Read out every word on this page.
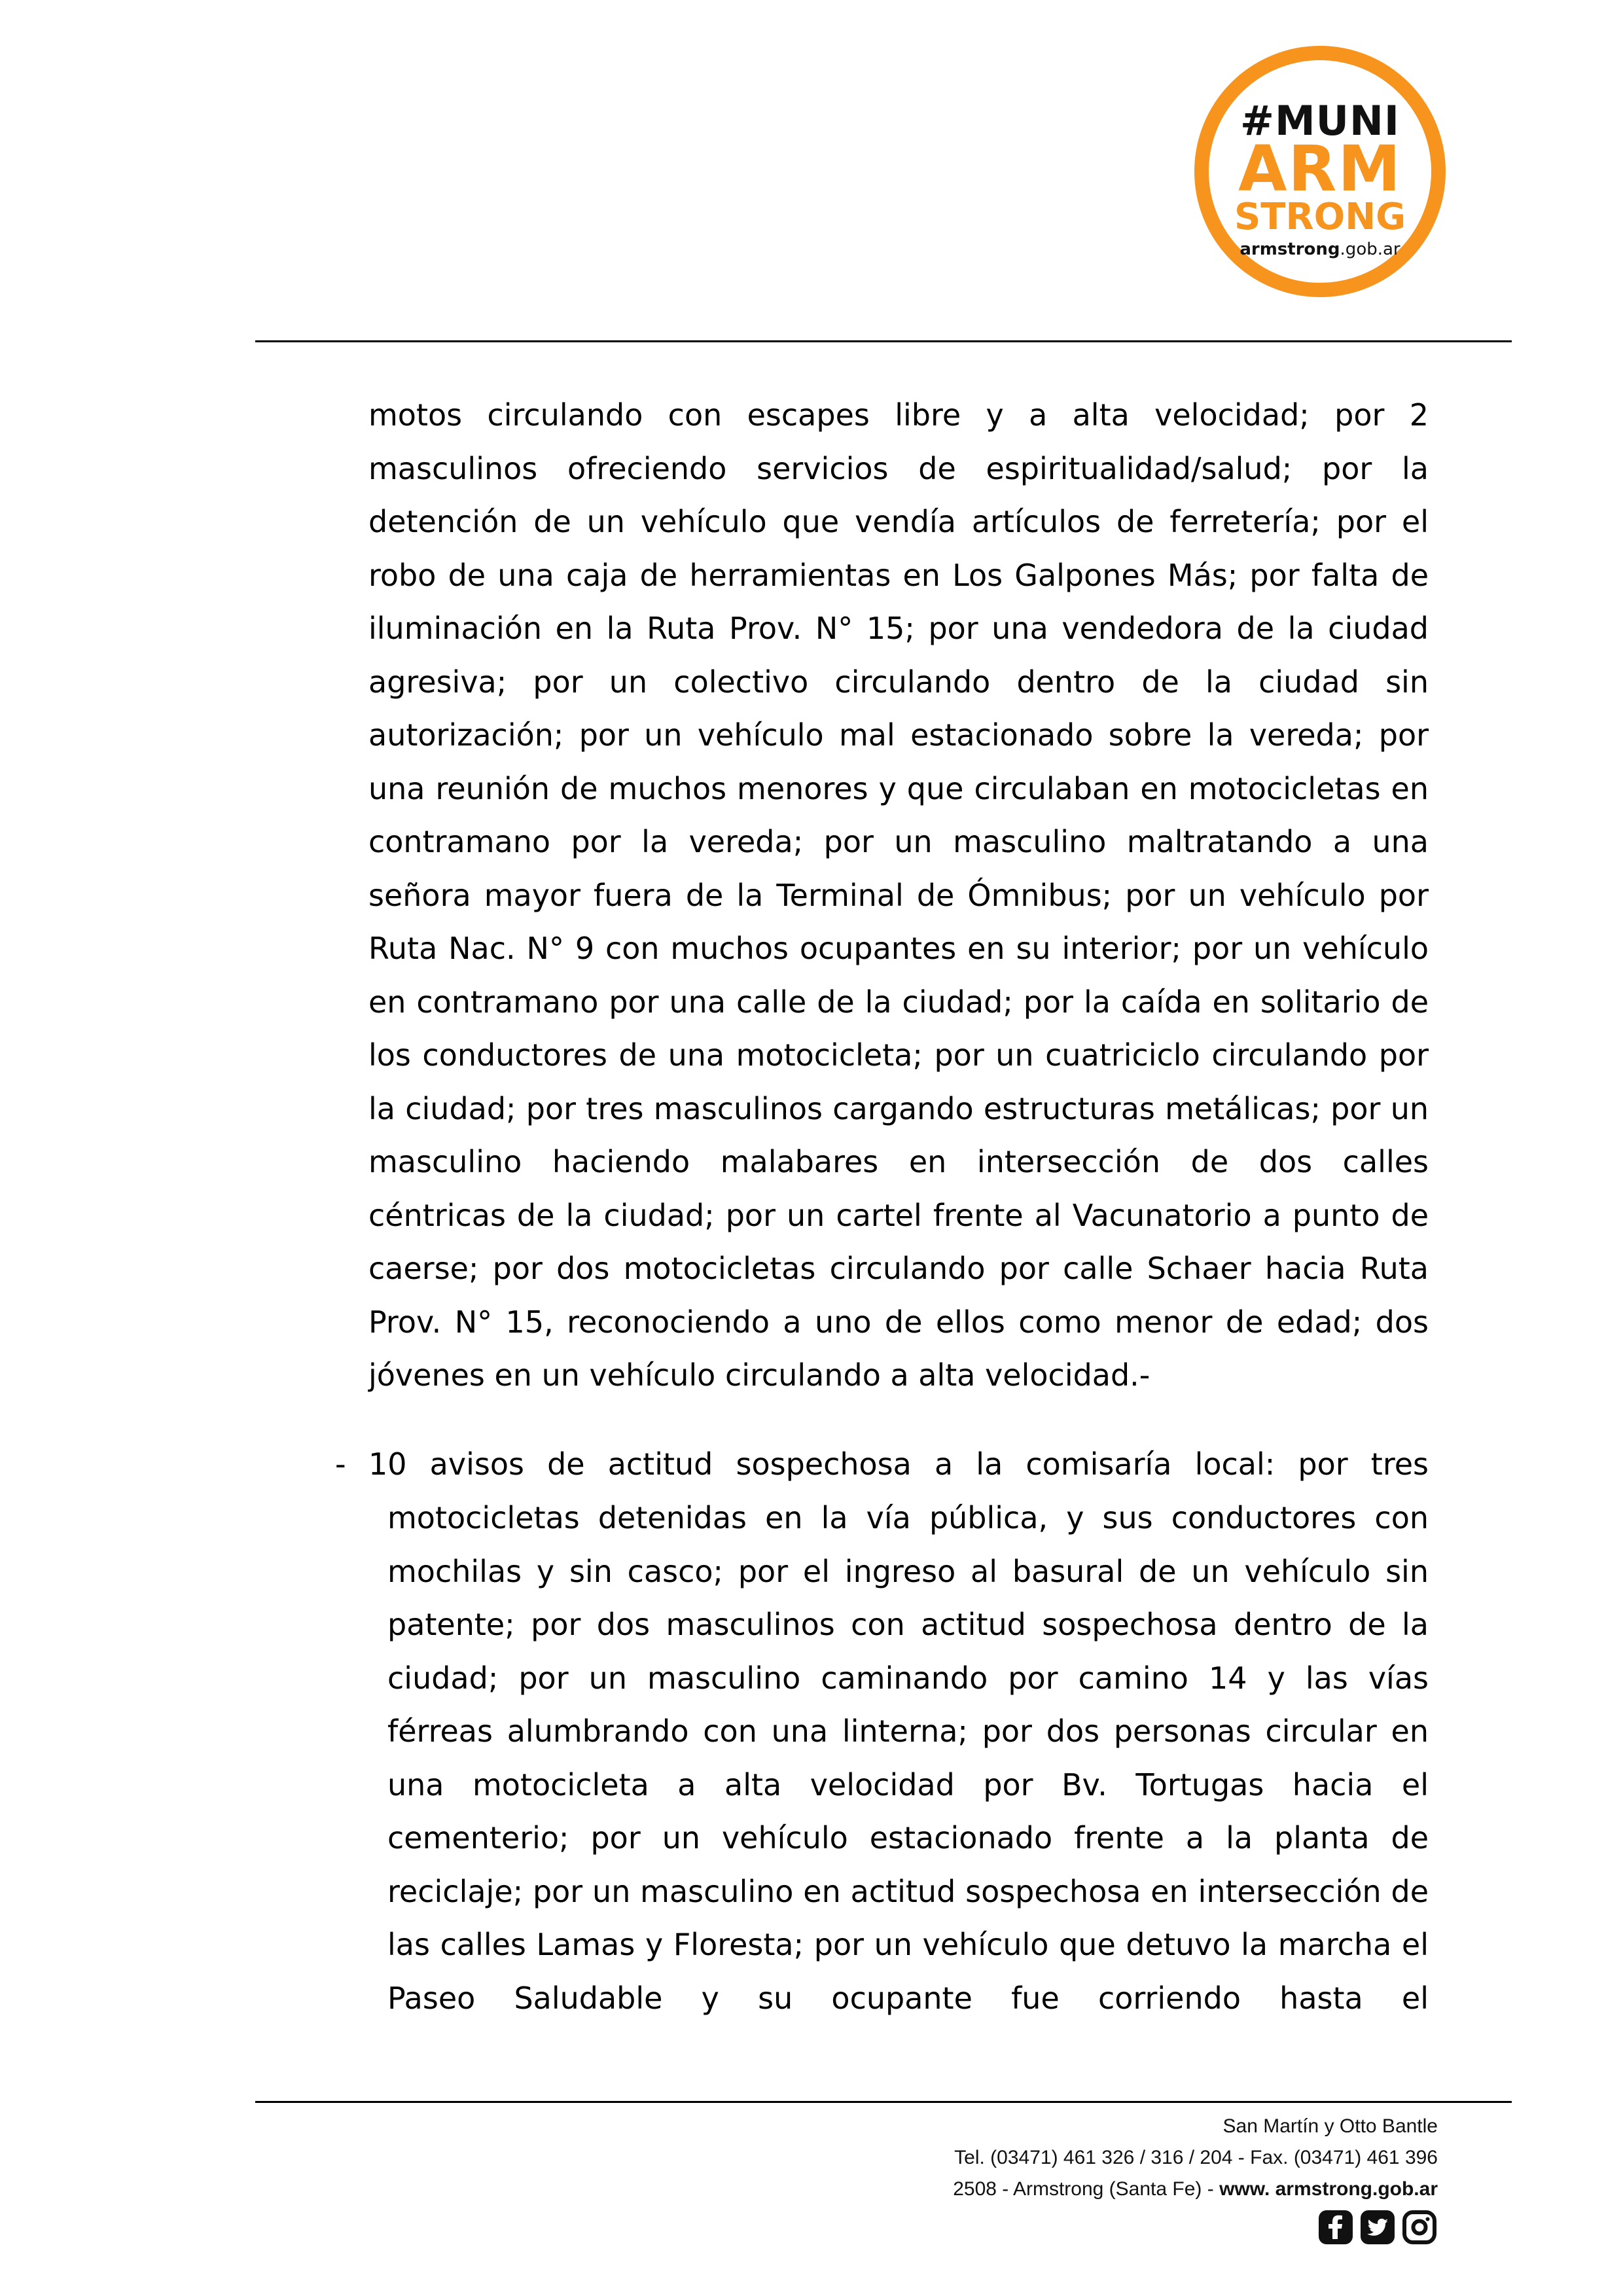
#MUNI
ARM
STRONG
armstrong.gob.ar

motos circulando con escapes libre y a alta velocidad; por 2 masculinos ofreciendo servicios de espiritualidad/salud; por la detención de un vehículo que vendía artículos de ferretería; por el robo de una caja de herramientas en Los Galpones Más; por falta de iluminación en la Ruta Prov. N° 15; por una vendedora de la ciudad agresiva; por un colectivo circulando dentro de la ciudad sin autorización; por un vehículo mal estacionado sobre la vereda; por una reunión de muchos menores y que circulaban en motocicletas en contramano por la vereda; por un masculino maltratando a una señora mayor fuera de la Terminal de Ómnibus; por un vehículo por Ruta Nac. N° 9 con muchos ocupantes en su interior; por un vehículo en contramano por una calle de la ciudad; por la caída en solitario de los conductores de una motocicleta; por un cuatriciclo circulando por la ciudad; por tres masculinos cargando estructuras metálicas; por un masculino haciendo malabares en intersección de dos calles céntricas de la ciudad; por un cartel frente al Vacunatorio a punto de caerse; por dos motocicletas circulando por calle Schaer hacia Ruta Prov. N° 15, reconociendo a uno de ellos como menor de edad; dos jóvenes en un vehículo circulando a alta velocidad.-

- 10 avisos de actitud sospechosa a la comisaría local: por tres

motocicletas detenidas en la vía pública, y sus conductores con mochilas y sin casco; por el ingreso al basural de un vehículo sin patente; por dos masculinos con actitud sospechosa dentro de la ciudad; por un masculino caminando por camino 14 y las vías férreas alumbrando con una linterna; por dos personas circular en una motocicleta a alta velocidad por Bv. Tortugas hacia el cementerio; por un vehículo estacionado frente a la planta de reciclaje; por un masculino en actitud sospechosa en intersección de las calles Lamas y Floresta; por un vehículo que detuvo la marcha el Paseo Saludable y su ocupante fue corriendo hasta el

San Martín y Otto Bantle
Tel. (03471) 461 326 / 316 / 204 - Fax. (03471) 461 396
2508 - Armstrong (Santa Fe) - www. armstrong.gob.ar
